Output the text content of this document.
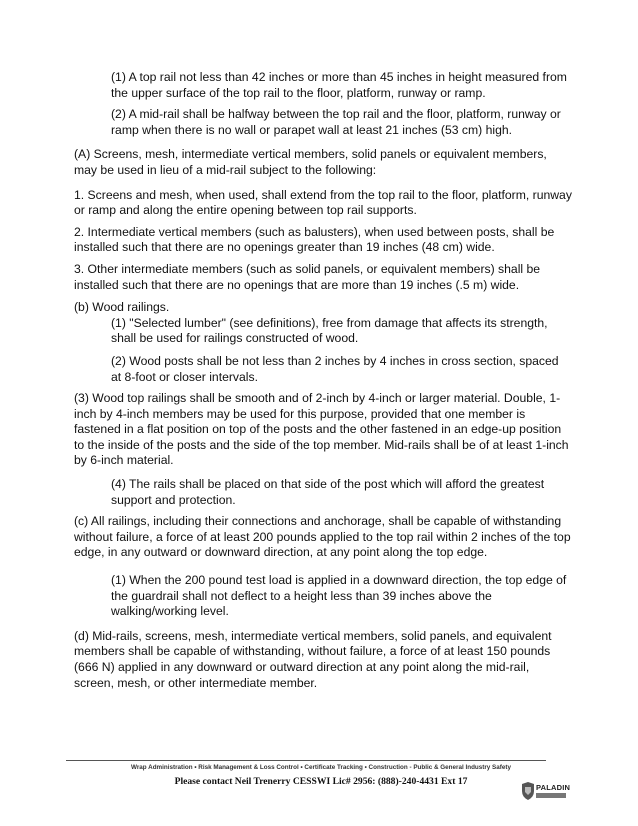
(1) A top rail not less than 42 inches or more than 45 inches in height measured from the upper surface of the top rail to the floor, platform, runway or ramp.

(2) A mid-rail shall be halfway between the top rail and the floor, platform, runway or ramp when there is no wall or parapet wall at least 21 inches (53 cm) high.

(A) Screens, mesh, intermediate vertical members, solid panels or equivalent members, may be used in lieu of a mid-rail subject to the following:

1. Screens and mesh, when used, shall extend from the top rail to the floor, platform, runway or ramp and along the entire opening between top rail supports.

2. Intermediate vertical members (such as balusters), when used between posts, shall be installed such that there are no openings greater than 19 inches (48 cm) wide.

3. Other intermediate members (such as solid panels, or equivalent members) shall be installed such that there are no openings that are more than 19 inches (.5 m) wide.

(b) Wood railings.

(1) "Selected lumber" (see definitions), free from damage that affects its strength, shall be used for railings constructed of wood.

(2) Wood posts shall be not less than 2 inches by 4 inches in cross section, spaced at 8-foot or closer intervals.

(3) Wood top railings shall be smooth and of 2-inch by 4-inch or larger material. Double, 1-inch by 4-inch members may be used for this purpose, provided that one member is fastened in a flat position on top of the posts and the other fastened in an edge-up position to the inside of the posts and the side of the top member. Mid-rails shall be of at least 1-inch by 6-inch material.

(4) The rails shall be placed on that side of the post which will afford the greatest support and protection.

(c) All railings, including their connections and anchorage, shall be capable of withstanding without failure, a force of at least 200 pounds applied to the top rail within 2 inches of the top edge, in any outward or downward direction, at any point along the top edge.

(1) When the 200 pound test load is applied in a downward direction, the top edge of the guardrail shall not deflect to a height less than 39 inches above the walking/working level.

(d) Mid-rails, screens, mesh, intermediate vertical members, solid panels, and equivalent members shall be capable of withstanding, without failure, a force of at least 150 pounds (666 N) applied in any downward or outward direction at any point along the mid-rail, screen, mesh, or other intermediate member.

Wrap Administration • Risk Management & Loss Control • Certificate Tracking • Construction - Public & General Industry Safety
Please contact Neil Trenerry CESSWI Lic# 2956: (888)-240-4431 Ext 17
PALADIN
